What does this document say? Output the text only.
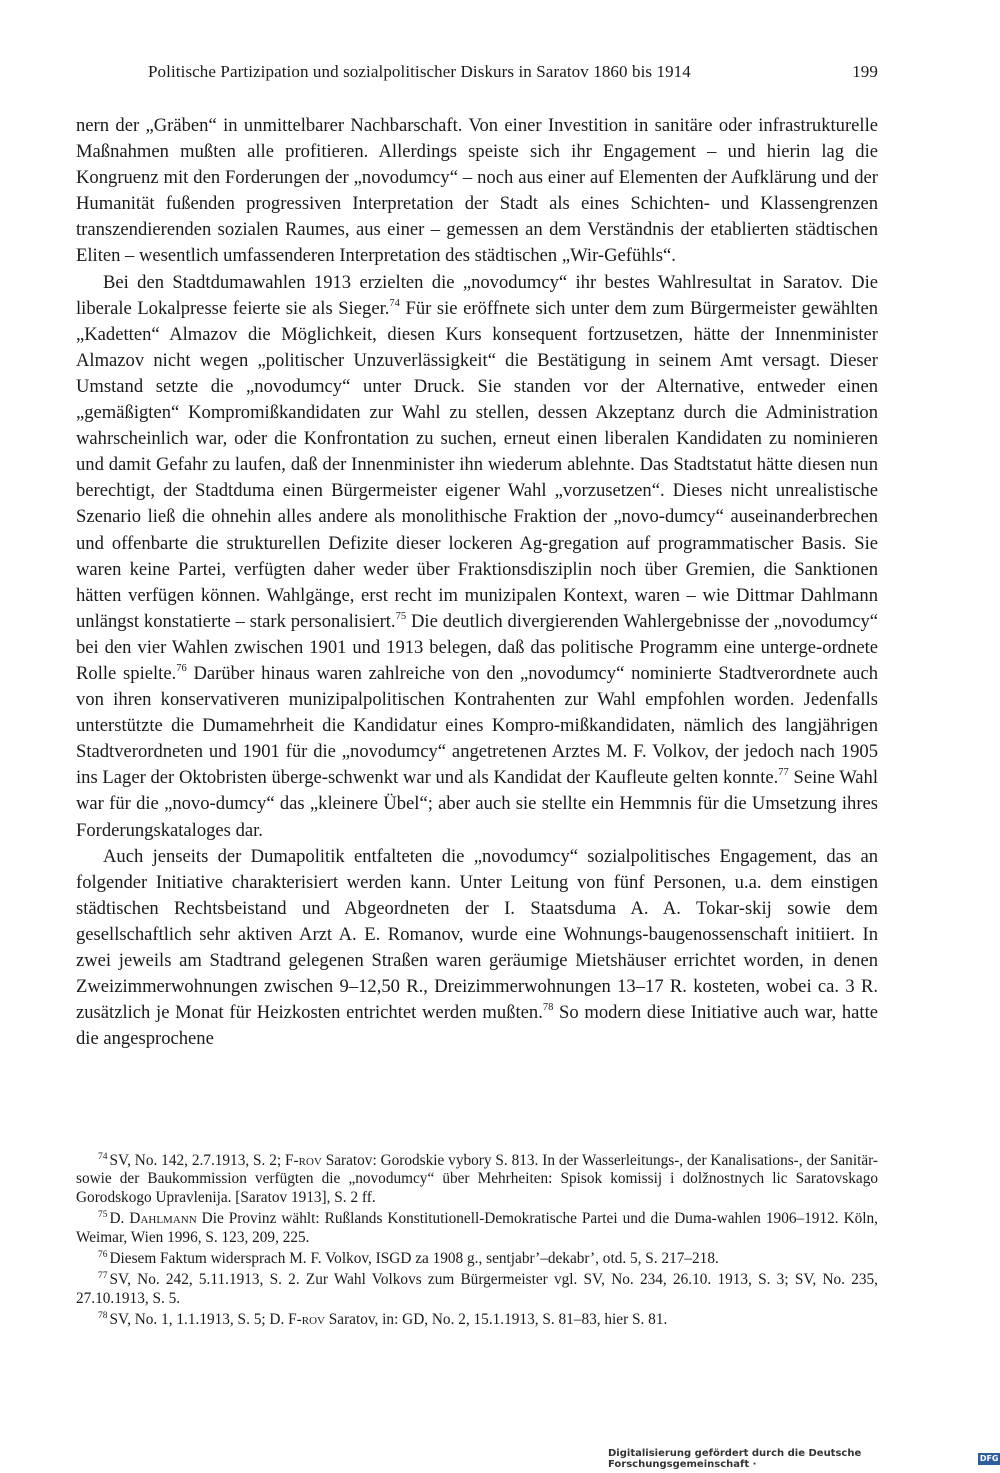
Politische Partizipation und sozialpolitischer Diskurs in Saratov 1860 bis 1914	199

nern der „Gräben“ in unmittelbarer Nachbarschaft. Von einer Investition in sanitäre oder infrastrukturelle Maßnahmen mußten alle profitieren. Allerdings speiste sich ihr Engagement – und hierin lag die Kongruenz mit den Forderungen der „novodumcy“ – noch aus einer auf Elementen der Aufklärung und der Humanität fußenden progressiven Interpretation der Stadt als eines Schichten- und Klassengrenzen transzendierenden sozialen Raumes, aus einer – gemessen an dem Verständnis der etablierten städtischen Eliten – wesentlich umfassenderen Interpretation des städtischen „Wir-Gefühls“.

Bei den Stadtdumawahlen 1913 erzielten die „novodumcy“ ihr bestes Wahlresultat in Saratov. Die liberale Lokalpresse feierte sie als Sieger.$^{74}$ Für sie eröffnete sich unter dem zum Bürgermeister gewählten „Kadetten“ Almazov die Möglichkeit, diesen Kurs konsequent fortzusetzen, hätte der Innenminister Almazov nicht wegen „politischer Unzuverlässigkeit“ die Bestätigung in seinem Amt versagt. Dieser Umstand setzte die „novodumcy“ unter Druck. Sie standen vor der Alternative, entweder einen „gemäßigten“ Kompromißkandidaten zur Wahl zu stellen, dessen Akzeptanz durch die Administration wahrscheinlich war, oder die Konfrontation zu suchen, erneut einen liberalen Kandidaten zu nominieren und damit Gefahr zu laufen, daß der Innenminister ihn wiederum ablehnte. Das Stadtstatut hätte diesen nun berechtigt, der Stadtduma einen Bürgermeister eigener Wahl „vorzusetzen“. Dieses nicht unrealistische Szenario ließ die ohnehin alles andere als monolithische Fraktion der „novo-dumcy“ auseinanderbrechen und offenbarte die strukturellen Defizite dieser lockeren Ag-gregation auf programmatischer Basis. Sie waren keine Partei, verfügten daher weder über Fraktionsdisziplin noch über Gremien, die Sanktionen hätten verfügen können. Wahlgänge, erst recht im munizipalen Kontext, waren – wie Dittmar Dahlmann unlängst konstatierte – stark personalisiert.$^{75}$ Die deutlich divergierenden Wahlergebnisse der „novodumcy“ bei den vier Wahlen zwischen 1901 und 1913 belegen, daß das politische Programm eine unterge-ordnete Rolle spielte.$^{76}$ Darüber hinaus waren zahlreiche von den „novodumcy“ nominierte Stadtverordnete auch von ihren konservativeren munizipalpolitischen Kontrahenten zur Wahl empfohlen worden. Jedenfalls unterstützte die Dumamehrheit die Kandidatur eines Kompro-mißkandidaten, nämlich des langjährigen Stadtverordneten und 1901 für die „novodumcy“ angetretenen Arztes M. F. Volkov, der jedoch nach 1905 ins Lager der Oktobristen überge-schwenkt war und als Kandidat der Kaufleute gelten konnte.$^{77}$ Seine Wahl war für die „novo-dumcy“ das „kleinere Übel“; aber auch sie stellte ein Hemmnis für die Umsetzung ihres Forderungskataloges dar.

Auch jenseits der Dumapolitik entfalteten die „novodumcy“ sozialpolitisches Engagement, das an folgender Initiative charakterisiert werden kann. Unter Leitung von fünf Personen, u.a. dem einstigen städtischen Rechtsbeistand und Abgeordneten der I. Staatsduma A. A. Tokar-skij sowie dem gesellschaftlich sehr aktiven Arzt A. E. Romanov, wurde eine Wohnungs-baugenossenschaft initiiert. In zwei jeweils am Stadtrand gelegenen Straßen waren geräumige Mietshäuser errichtet worden, in denen Zweizimmerwohnungen zwischen 9–12,50 R., Dreizimmerwohnungen 13–17 R. kosteten, wobei ca. 3 R. zusätzlich je Monat für Heizkosten entrichtet werden mußten.$^{78}$ So modern diese Initiative auch war, hatte die angesprochene

$^{74}$ SV, No. 142, 2.7.1913, S. 2; F-rov Saratov: Gorodskie vybory S. 813. In der Wasserleitungs-, der Kanalisations-, der Sanitär- sowie der Baukommission verfügten die „novodumcy“ über Mehrheiten: Spisok komissij i dolžnostnych lic Saratovskago Gorodskogo Upravlenija. [Saratov 1913], S. 2 ff.

$^{75}$ D. Dahlmann Die Provinz wählt: Rußlands Konstitutionell-Demokratische Partei und die Duma-wahlen 1906–1912. Köln, Weimar, Wien 1996, S. 123, 209, 225.

$^{76}$ Diesem Faktum widersprach M. F. Volkov, ISGD za 1908 g., sentjabr’–dekabr’, otd. 5, S. 217–218.

$^{77}$ SV, No. 242, 5.11.1913, S. 2. Zur Wahl Volkovs zum Bürgermeister vgl. SV, No. 234, 26.10. 1913, S. 3; SV, No. 235, 27.10.1913, S. 5.

$^{78}$ SV, No. 1, 1.1.1913, S. 5; D. F-rov Saratov, in: GD, No. 2, 15.1.1913, S. 81–83, hier S. 81.

Digitalisierung gefördert durch die Deutsche Forschungsgemeinschaft ·
DFG
